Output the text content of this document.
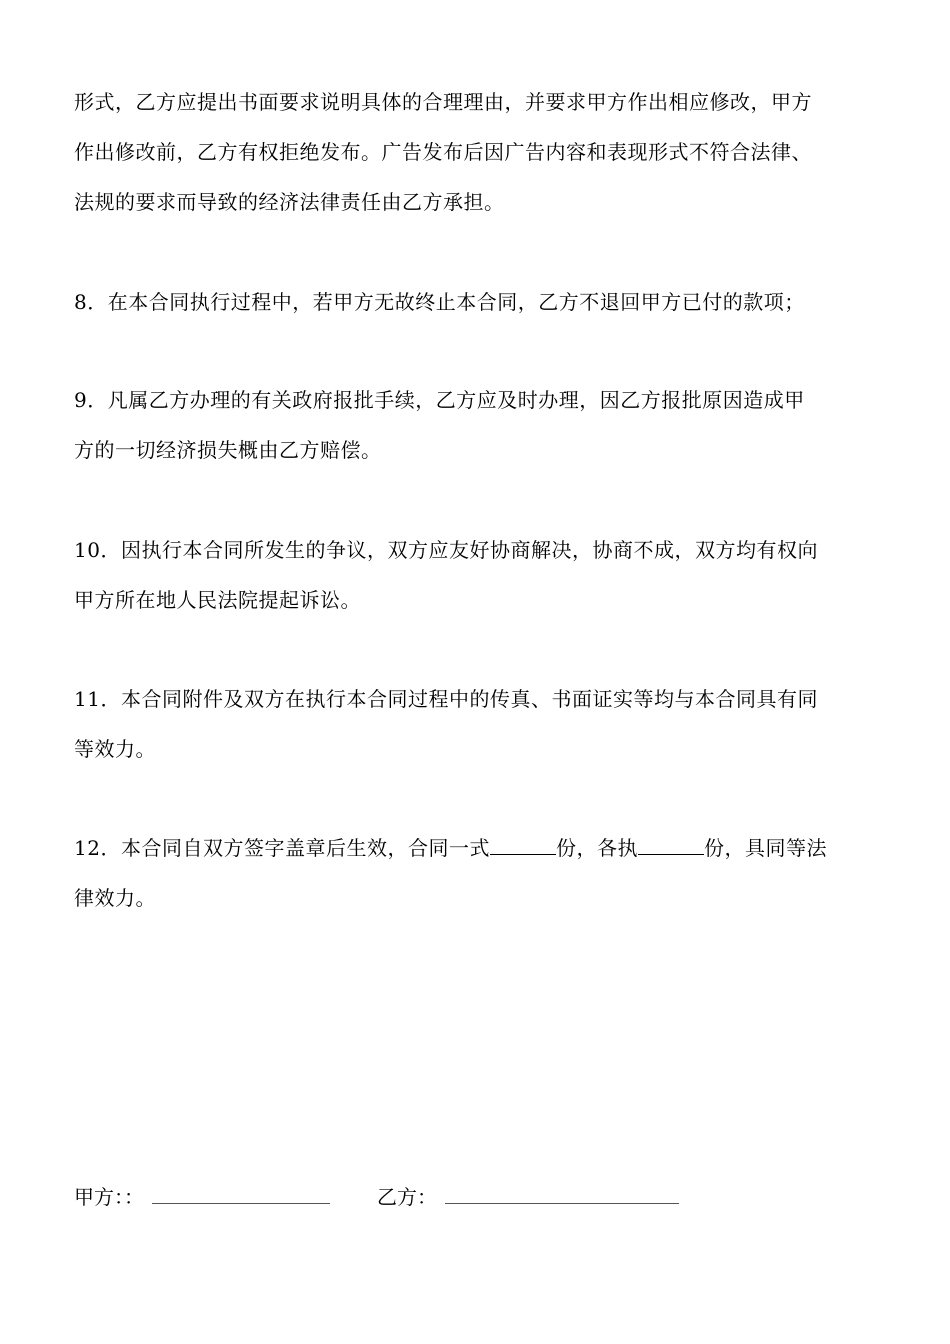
形式，乙方应提出书面要求说明具体的合理理由，并要求甲方作出相应修改，甲方
作出修改前，乙方有权拒绝发布。广告发布后因广告内容和表现形式不符合法律、
法规的要求而导致的经济法律责任由乙方承担。
8．在本合同执行过程中，若甲方无故终止本合同，乙方不退回甲方已付的款项；
9．凡属乙方办理的有关政府报批手续，乙方应及时办理，因乙方报批原因造成甲
方的一切经济损失概由乙方赔偿。
10．因执行本合同所发生的争议，双方应友好协商解决，协商不成，双方均有权向
甲方所在地人民法院提起诉讼。
11．本合同附件及双方在执行本合同过程中的传真、书面证实等均与本合同具有同
等效力。
12．本合同自双方签字盖章后生效，合同一式	份，各执	份，具同等法
律效力。
甲方：：	乙方：
